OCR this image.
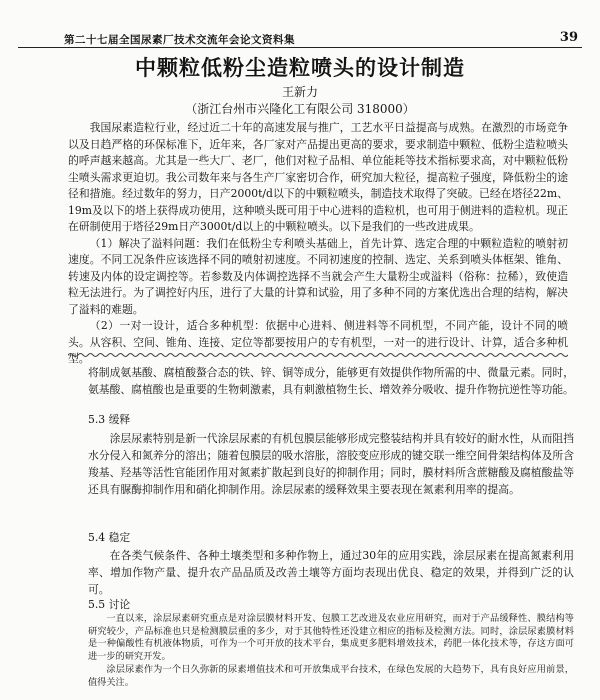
第二十七届全国尿素厂技术交流年会论文资料集	39
中颗粒低粉尘造粒喷头的设计制造
王新力
（浙江台州市兴隆化工有限公司 318000）

我国尿素造粒行业，经过近二十年的高速发展与推广，工艺水平日益提高与成熟。在激烈的市场竞争以及日趋严格的环保标准下，近年来，各厂家对产品提出更高的要求，要求制造中颗粒、低粉尘造粒喷头的呼声越来越高。尤其是一些大厂、老厂，他们对粒子品相、单位能耗等技术指标要求高，对中颗粒低粉尘喷头需求更迫切。我公司数年来与各生产厂家密切合作，研究加大粒径，提高粒子强度，降低粉尘的途径和措施。经过数年的努力，日产2000t/d以下的中颗粒喷头，制造技术取得了突破。已经在塔径22m、19m及以下的塔上获得成功使用，这种喷头既可用于中心进料的造粒机，也可用于侧进料的造粒机。现正在研制使用于塔径29m日产3000t/d以上的中颗粒喷头。以下是我们的一些改进成果。

（1）解决了溢料问题：我们在低粉尘专利喷头基础上，首先计算、选定合理的中颗粒造粒的喷射初速度。不同工况条件应该选择不同的喷射初速度。不同初速度的控制、选定、关系到喷头体框架、锥角、转速及内体的设定调控等。若参数及内体调控选择不当就会产生大量粉尘或溢料（俗称：拉稀），致使造粒无法进行。为了调控好内压，进行了大量的计算和试验，用了多种不同的方案优选出合理的结构，解决了溢料的难题。

（2）一对一设计，适合多种机型：依据中心进料、侧进料等不同机型，不同产能，设计不同的喷头。从容积、空间、锥角、连接、定位等都要按用户的专有机型，一对一的进行设计、计算，适合多种机型。

将制成氨基酸、腐植酸螯合态的铁、锌、铜等成分，能够更有效提供作物所需的中、微量元素。同时，氨基酸、腐植酸也是重要的生物刺激素，具有刺激植物生长、增效养分吸收、提升作物抗逆性等功能。

5.3 缓释

涂层尿素特别是新一代涂层尿素的有机包膜层能够形成完整装结构并具有较好的耐水性，从而阻挡水分侵入和氮养分的溶出；随着包膜层的吸水溶胀，溶胶变应形成的键交联一维空间骨架结构体及所含羧基、羟基等活性官能团作用对氮素扩散起到良好的抑制作用；同时，膜材料所含蔗糖酸及腐植酸盐等还具有脲酶抑制作用和硝化抑制作用。涂层尿素的缓释效果主要表现在氮素利用率的提高。

5.4 稳定

在各类气候条件、各种土壤类型和多种作物上，通过30年的应用实践，涂层尿素在提高氮素利用率、增加作物产量、提升农产品品质及改善土壤等方面均表现出优良、稳定的效果，并得到广泛的认可。

5.5 讨论

一直以来，涂层尿素研究重点是对涂层膜材料开发、包膜工艺改进及农业应用研究，而对于产品缓释性、膜结构等研究较少，产品标准也只是检测膜层重的多少，对于其他特性还没建立相应的指标及检测方法。同时，涂层尿素膜材料是一种偏酸性有机液体物质，可作为一个可开放的技术平台，集成更多肥料增效技术，药肥一体化技术等，存这方面可进一步的研究开发。

涂层尿素作为一个日久弥新的尿素增值技术和可开放集成平台技术，在绿色发展的大趋势下，具有良好应用前景，值得关注。
